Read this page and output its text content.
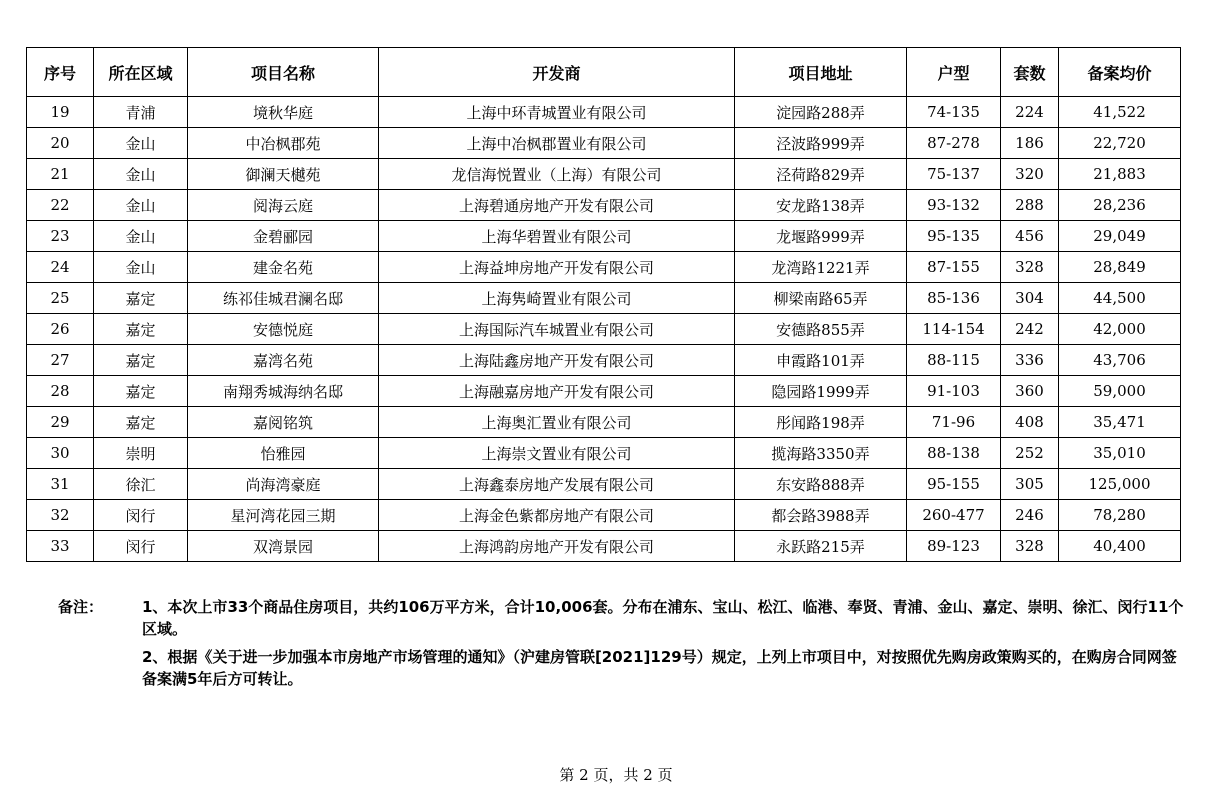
序号	所在区域	项目名称	开发商	项目地址	户型	套数	备案均价
19	青浦	境秋华庭	上海中环青城置业有限公司	淀园路288弄	74-135	224	41,522
20	金山	中冶枫郡苑	上海中冶枫郡置业有限公司	泾波路999弄	87-278	186	22,720
21	金山	御澜天樾苑	龙信海悦置业（上海）有限公司	泾荷路829弄	75-137	320	21,883
22	金山	阅海云庭	上海碧通房地产开发有限公司	安龙路138弄	93-132	288	28,236
23	金山	金碧郦园	上海华碧置业有限公司	龙堰路999弄	95-135	456	29,049
24	金山	建金名苑	上海益坤房地产开发有限公司	龙湾路1221弄	87-155	328	28,849
25	嘉定	练祁佳城君澜名邸	上海隽崎置业有限公司	柳梁南路65弄	85-136	304	44,500
26	嘉定	安德悦庭	上海国际汽车城置业有限公司	安德路855弄	114-154	242	42,000
27	嘉定	嘉湾名苑	上海陆鑫房地产开发有限公司	申霞路101弄	88-115	336	43,706
28	嘉定	南翔秀城海纳名邸	上海融嘉房地产开发有限公司	隐园路1999弄	91-103	360	59,000
29	嘉定	嘉阅铭筑	上海奥汇置业有限公司	彤闻路198弄	71-96	408	35,471
30	崇明	怡雅园	上海崇文置业有限公司	揽海路3350弄	88-138	252	35,010
31	徐汇	尚海湾豪庭	上海鑫泰房地产发展有限公司	东安路888弄	95-155	305	125,000
32	闵行	星河湾花园三期	上海金色紫都房地产有限公司	都会路3988弄	260-477	246	78,280
33	闵行	双湾景园	上海鸿韵房地产开发有限公司	永跃路215弄	89-123	328	40,400
备注：	1、本次上市33个商品住房项目，共约106万平方米，合计10,006套。分布在浦东、宝山、松江、临港、奉贤、青浦、金山、嘉定、崇明、徐汇、闵行11个区域。
2、根据《关于进一步加强本市房地产市场管理的通知》（沪建房管联[2021]129号）规定，上列上市项目中，对按照优先购房政策购买的，在购房合同网签备案满5年后方可转让。
第 2 页，共 2 页
